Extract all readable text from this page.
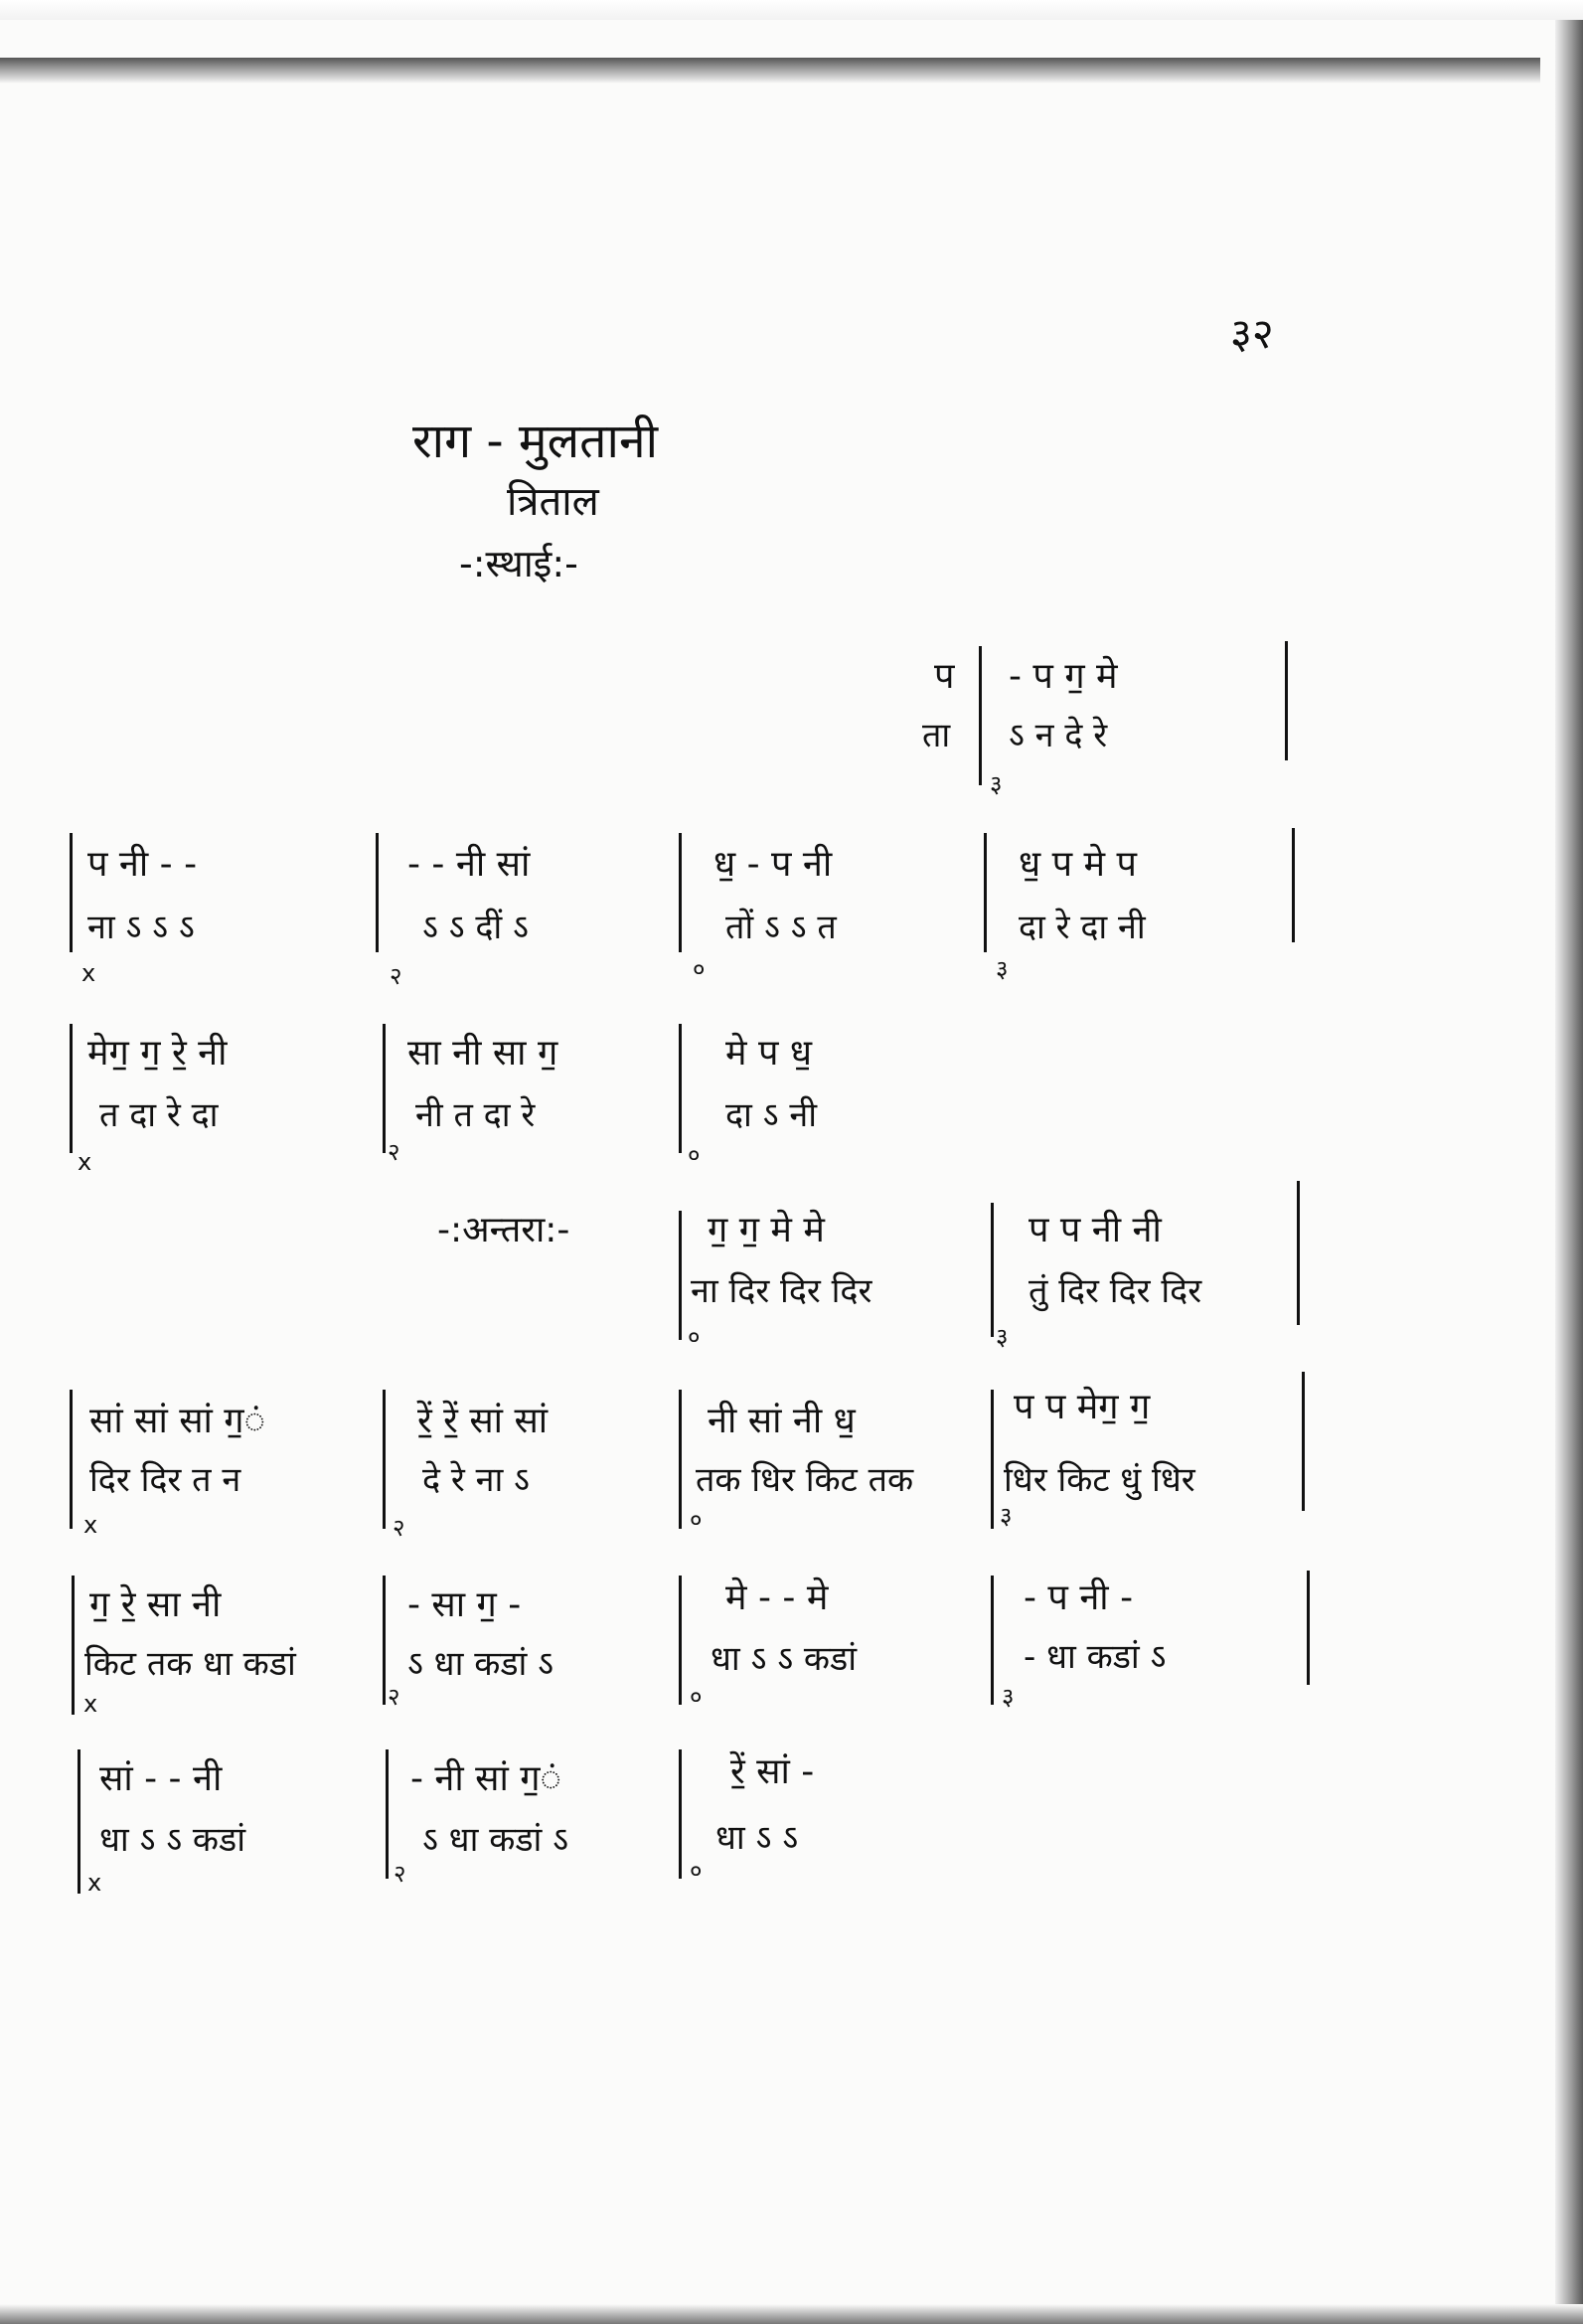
३२
राग - मुलतानी
त्रिताल
-:स्थाई:-
-:अन्तरा:-
प
ता
- प ग॒ मे
ऽ न दे रे
३
प नी - -
ना ऽ ऽ ऽ
x
- - नी सां
ऽ ऽ दीं ऽ
२
ध॒ - प नी
तों ऽ ऽ त
०
ध॒ प मे प
दा रे दा नी
३
मेग॒ ग॒ रे॒ नी
त दा रे दा
x
सा नी सा ग॒
नी त दा रे
२
मे प ध॒
दा ऽ नी
०
ग॒ ग॒ मे मे
ना दिर दिर दिर
०
प प नी नी
तुं दिर दिर दिर
३
सां सां सां ग॒ं
दिर दिर त न
x
रें॒ रें॒ सां सां
दे रे ना ऽ
२
नी सां नी ध॒
तक धिर किट तक
०
प प मेग॒ ग॒
धिर किट धुं धिर
३
ग॒ रे॒ सा नी
किट तक धा कडां
x
- सा ग॒ -
ऽ धा कडां ऽ
२
मे - - मे
धा ऽ ऽ कडां
०
- प नी -
- धा कडां ऽ
३
सां - - नी
धा ऽ ऽ कडां
x
- नी सां ग॒ं
ऽ धा कडां ऽ
२
रें॒ सां -
धा ऽ ऽ
०
